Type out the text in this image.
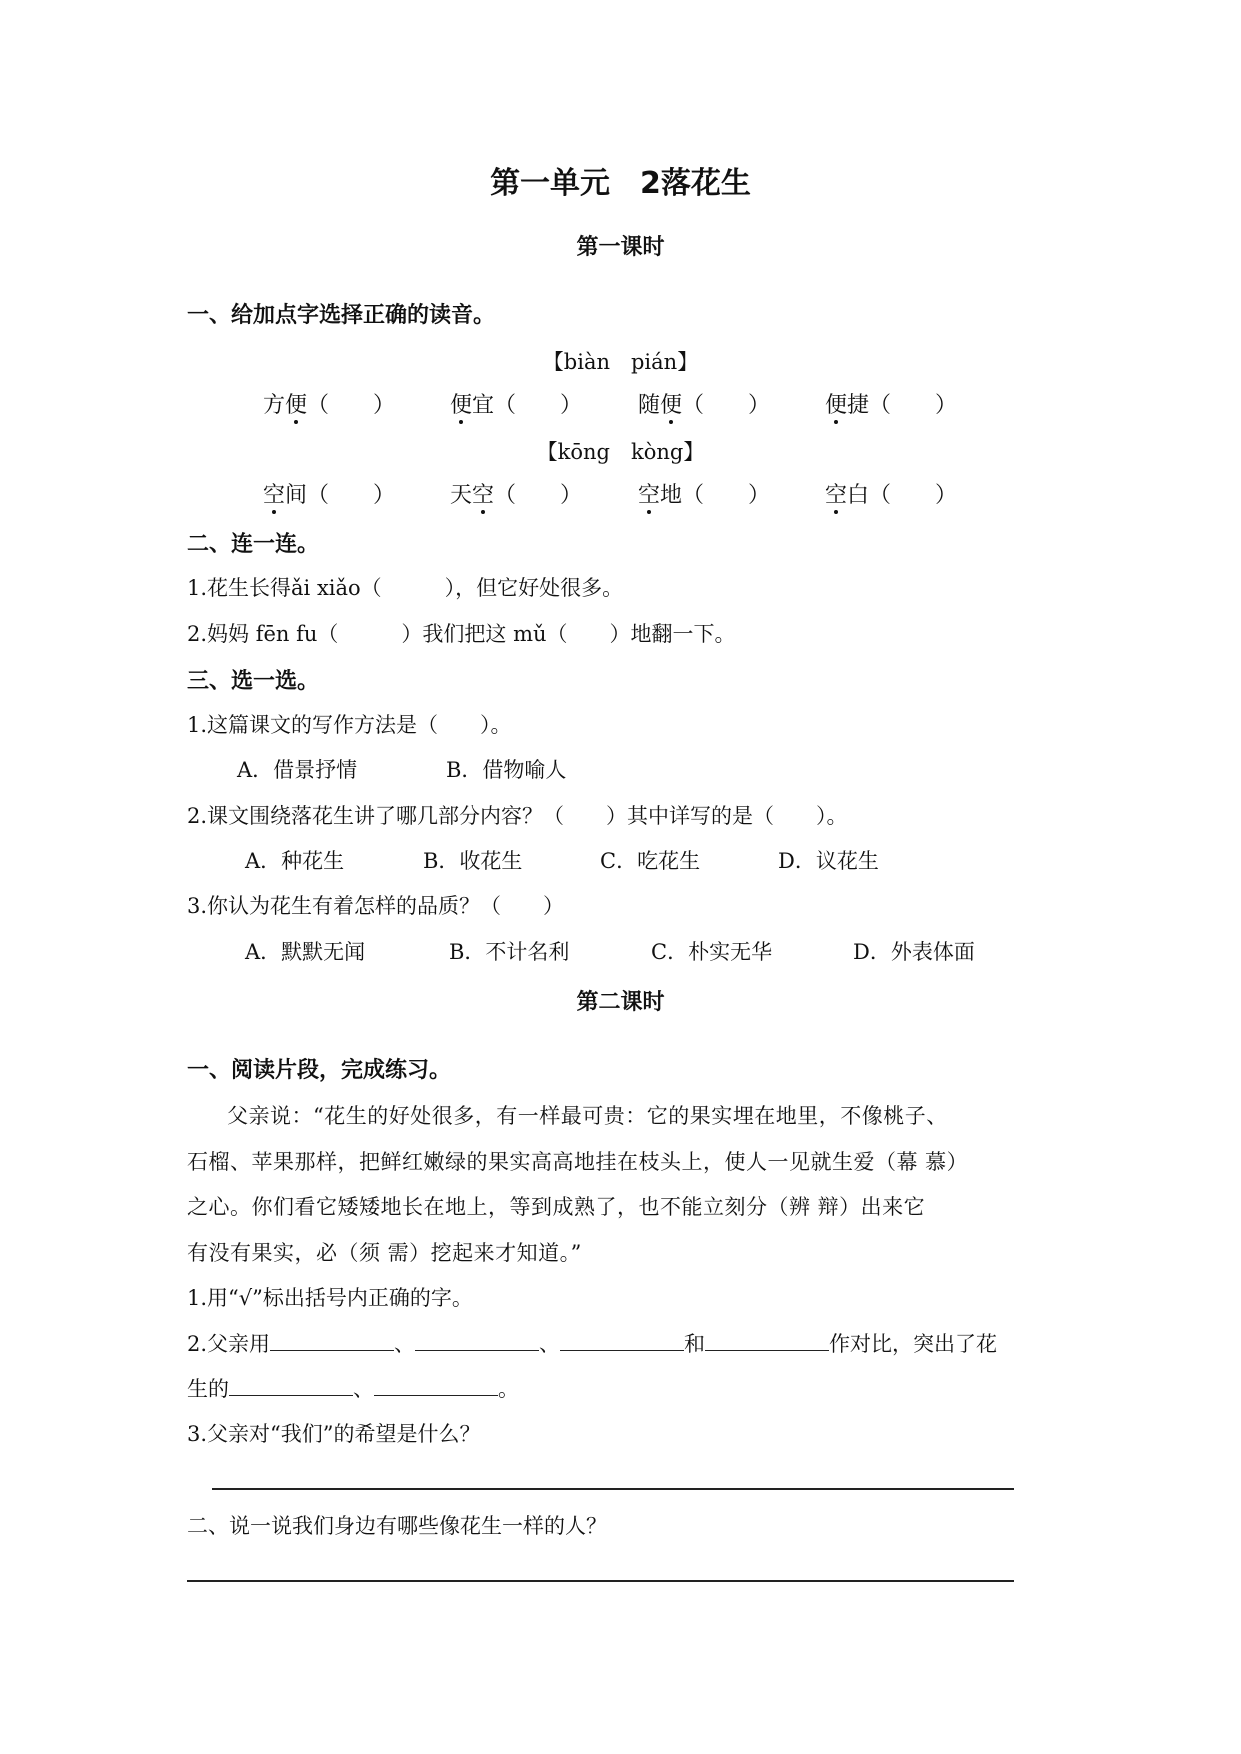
第一单元　2落花生
第一课时
一、给加点字选择正确的读音。
【biàn　pián】
方便（　　） 便宜（　　）	随便（　　） 便捷（　　）
【kōng　kòng】
空间（　　） 天空（　　）	空地（　　） 空白（　　）
二、连一连。
1.花生长得ǎi xiǎo（　　　），但它好处很多。
2.妈妈 fēn fu（　　　）我们把这 mǔ（　　）地翻一下。
三、选一选。
1.这篇课文的写作方法是（　　）。
A．借景抒情	B．借物喻人
2.课文围绕落花生讲了哪几部分内容？（　　）其中详写的是（　　）。
A．种花生	B．收花生	C．吃花生	D．议花生
3.你认为花生有着怎样的品质？（　　）
A．默默无闻	B．不计名利	C．朴实无华	D．外表体面
第二课时
一、阅读片段，完成练习。
父亲说：“花生的好处很多，有一样最可贵：它的果实埋在地里，不像桃子、
石榴、苹果那样，把鲜红嫩绿的果实高高地挂在枝头上，使人一见就生爱（幕 慕）
之心。你们看它矮矮地长在地上，等到成熟了，也不能立刻分（辨 辩）出来它
有没有果实，必（须 需）挖起来才知道。”
1.用“√”标出括号内正确的字。
2.父亲用	、	、	和	作对比，突出了花
生的	、	。
3.父亲对“我们”的希望是什么？
二、说一说我们身边有哪些像花生一样的人？
